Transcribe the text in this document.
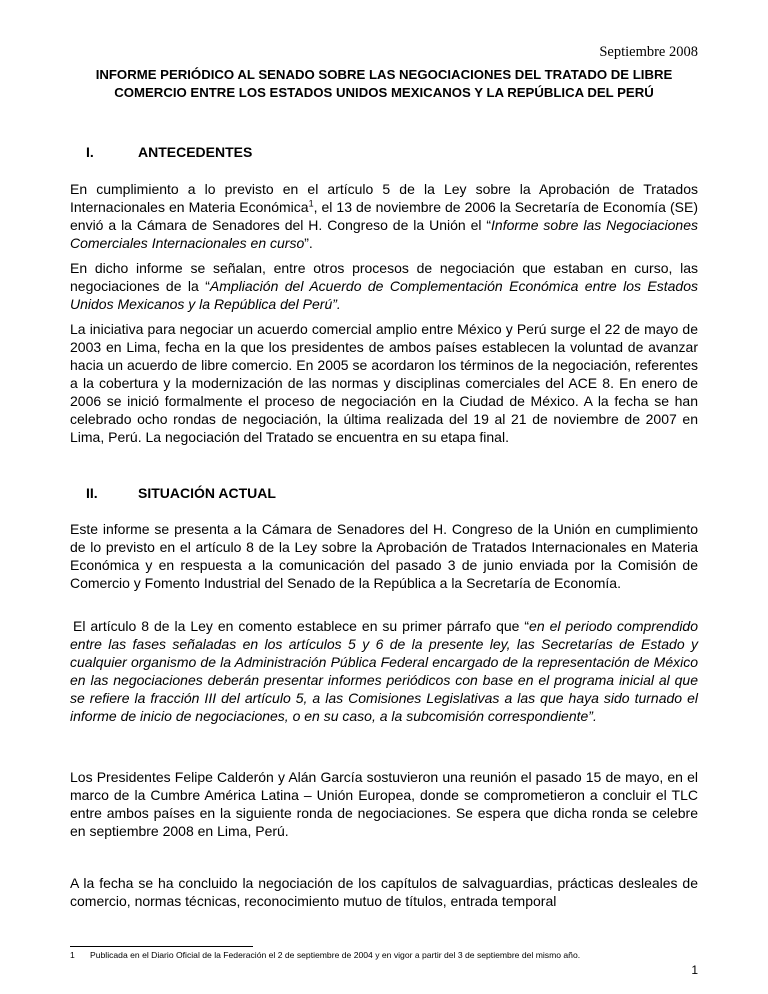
Septiembre 2008
INFORME PERIÓDICO AL SENADO SOBRE LAS NEGOCIACIONES DEL TRATADO DE LIBRE COMERCIO ENTRE LOS ESTADOS UNIDOS MEXICANOS Y LA REPÚBLICA DEL PERÚ
I.	ANTECEDENTES

En cumplimiento a lo previsto en el artículo 5 de la Ley sobre la Aprobación de Tratados Internacionales en Materia Económica$^1$, el 13 de noviembre de 2006 la Secretaría de Economía (SE) envió a la Cámara de Senadores del H. Congreso de la Unión el “Informe sobre las Negociaciones Comerciales Internacionales en curso”.

En dicho informe se señalan, entre otros procesos de negociación que estaban en curso, las negociaciones de la “Ampliación del Acuerdo de Complementación Económica entre los Estados Unidos Mexicanos y la República del Perú”.

La iniciativa para negociar un acuerdo comercial amplio entre México y Perú surge el 22 de mayo de 2003 en Lima, fecha en la que los presidentes de ambos países establecen la voluntad de avanzar hacia un acuerdo de libre comercio. En 2005 se acordaron los términos de la negociación, referentes a la cobertura y la modernización de las normas y disciplinas comerciales del ACE 8. En enero de 2006 se inició formalmente el proceso de negociación en la Ciudad de México. A la fecha se han celebrado ocho rondas de negociación, la última realizada del 19 al 21 de noviembre de 2007 en Lima, Perú. La negociación del Tratado se encuentra en su etapa final.

II.	SITUACIÓN ACTUAL

Este informe se presenta a la Cámara de Senadores del H. Congreso de la Unión en cumplimiento de lo previsto en el artículo 8 de la Ley sobre la Aprobación de Tratados Internacionales en Materia Económica y en respuesta a la comunicación del pasado 3 de junio enviada por la Comisión de Comercio y Fomento Industrial del Senado de la República a la Secretaría de Economía.

El artículo 8 de la Ley en comento establece en su primer párrafo que “en el periodo comprendido entre las fases señaladas en los artículos 5 y 6 de la presente ley, las Secretarías de Estado y cualquier organismo de la Administración Pública Federal encargado de la representación de México en las negociaciones deberán presentar informes periódicos con base en el programa inicial al que se refiere la fracción III del artículo 5, a las Comisiones Legislativas a las que haya sido turnado el informe de inicio de negociaciones, o en su caso, a la subcomisión correspondiente”.

Los Presidentes Felipe Calderón y Alán García sostuvieron una reunión el pasado 15 de mayo, en el marco de la Cumbre América Latina – Unión Europea, donde se comprometieron a concluir el TLC entre ambos países en la siguiente ronda de negociaciones. Se espera que dicha ronda se celebre en septiembre 2008 en Lima, Perú.

A la fecha se ha concluido la negociación de los capítulos de salvaguardias, prácticas desleales de comercio, normas técnicas, reconocimiento mutuo de títulos, entrada temporal

1 Publicada en el Diario Oficial de la Federación el 2 de septiembre de 2004 y en vigor a partir del 3 de septiembre del mismo año.
1
